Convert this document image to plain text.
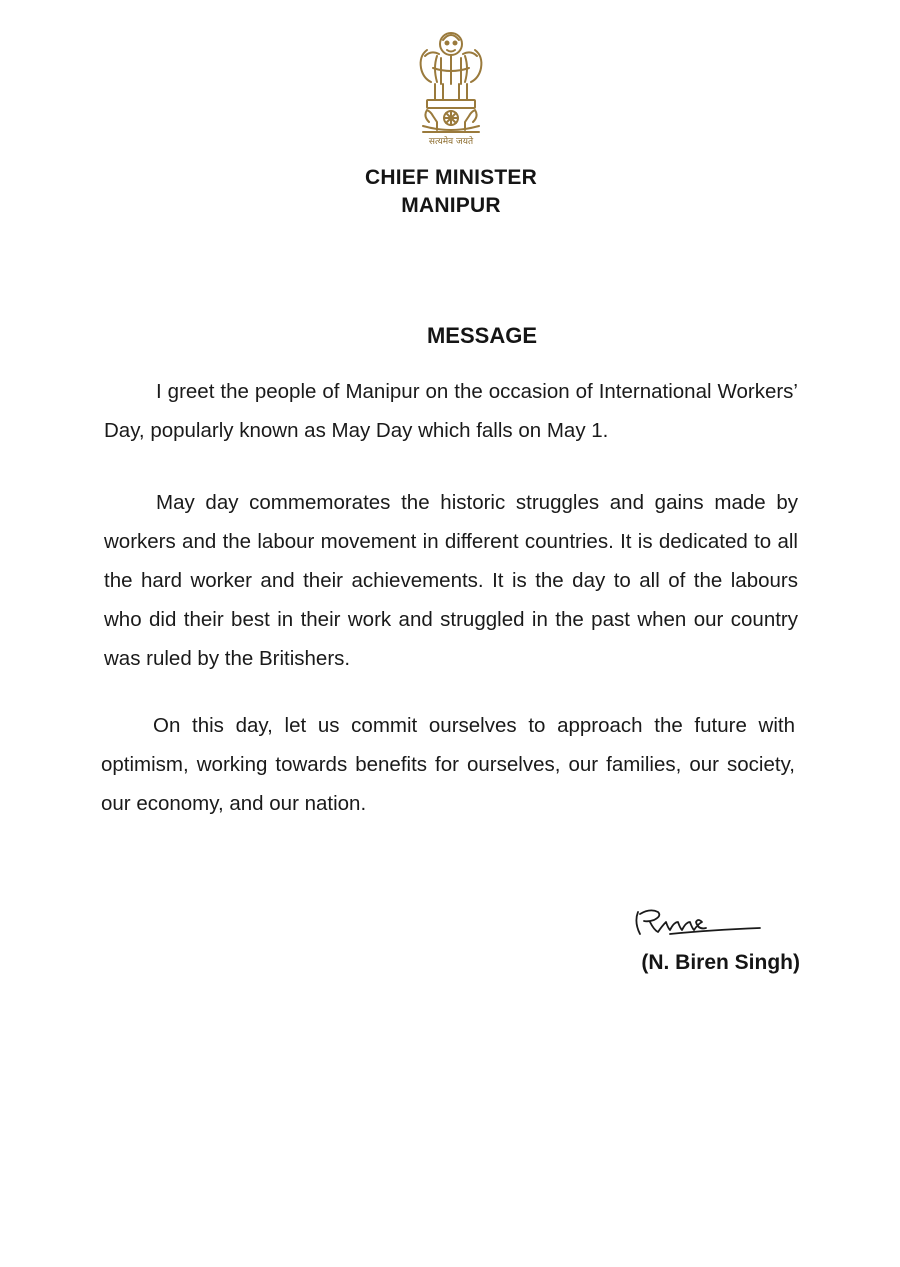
सत्यमेव जयते
CHIEF MINISTER
MANIPUR
MESSAGE
I greet the people of Manipur on the occasion of International Workers’ Day, popularly known as May Day which falls on May 1.
May day commemorates the historic struggles and gains made by workers and the labour movement in different countries. It is dedicated to all the hard worker and their achievements. It is the day to all of the labours who did their best in their work and struggled in the past when our country was ruled by the Britishers.
On this day, let us commit ourselves to approach the future with optimism, working towards benefits for ourselves, our families, our society, our economy, and our nation.
(N. Biren Singh)
